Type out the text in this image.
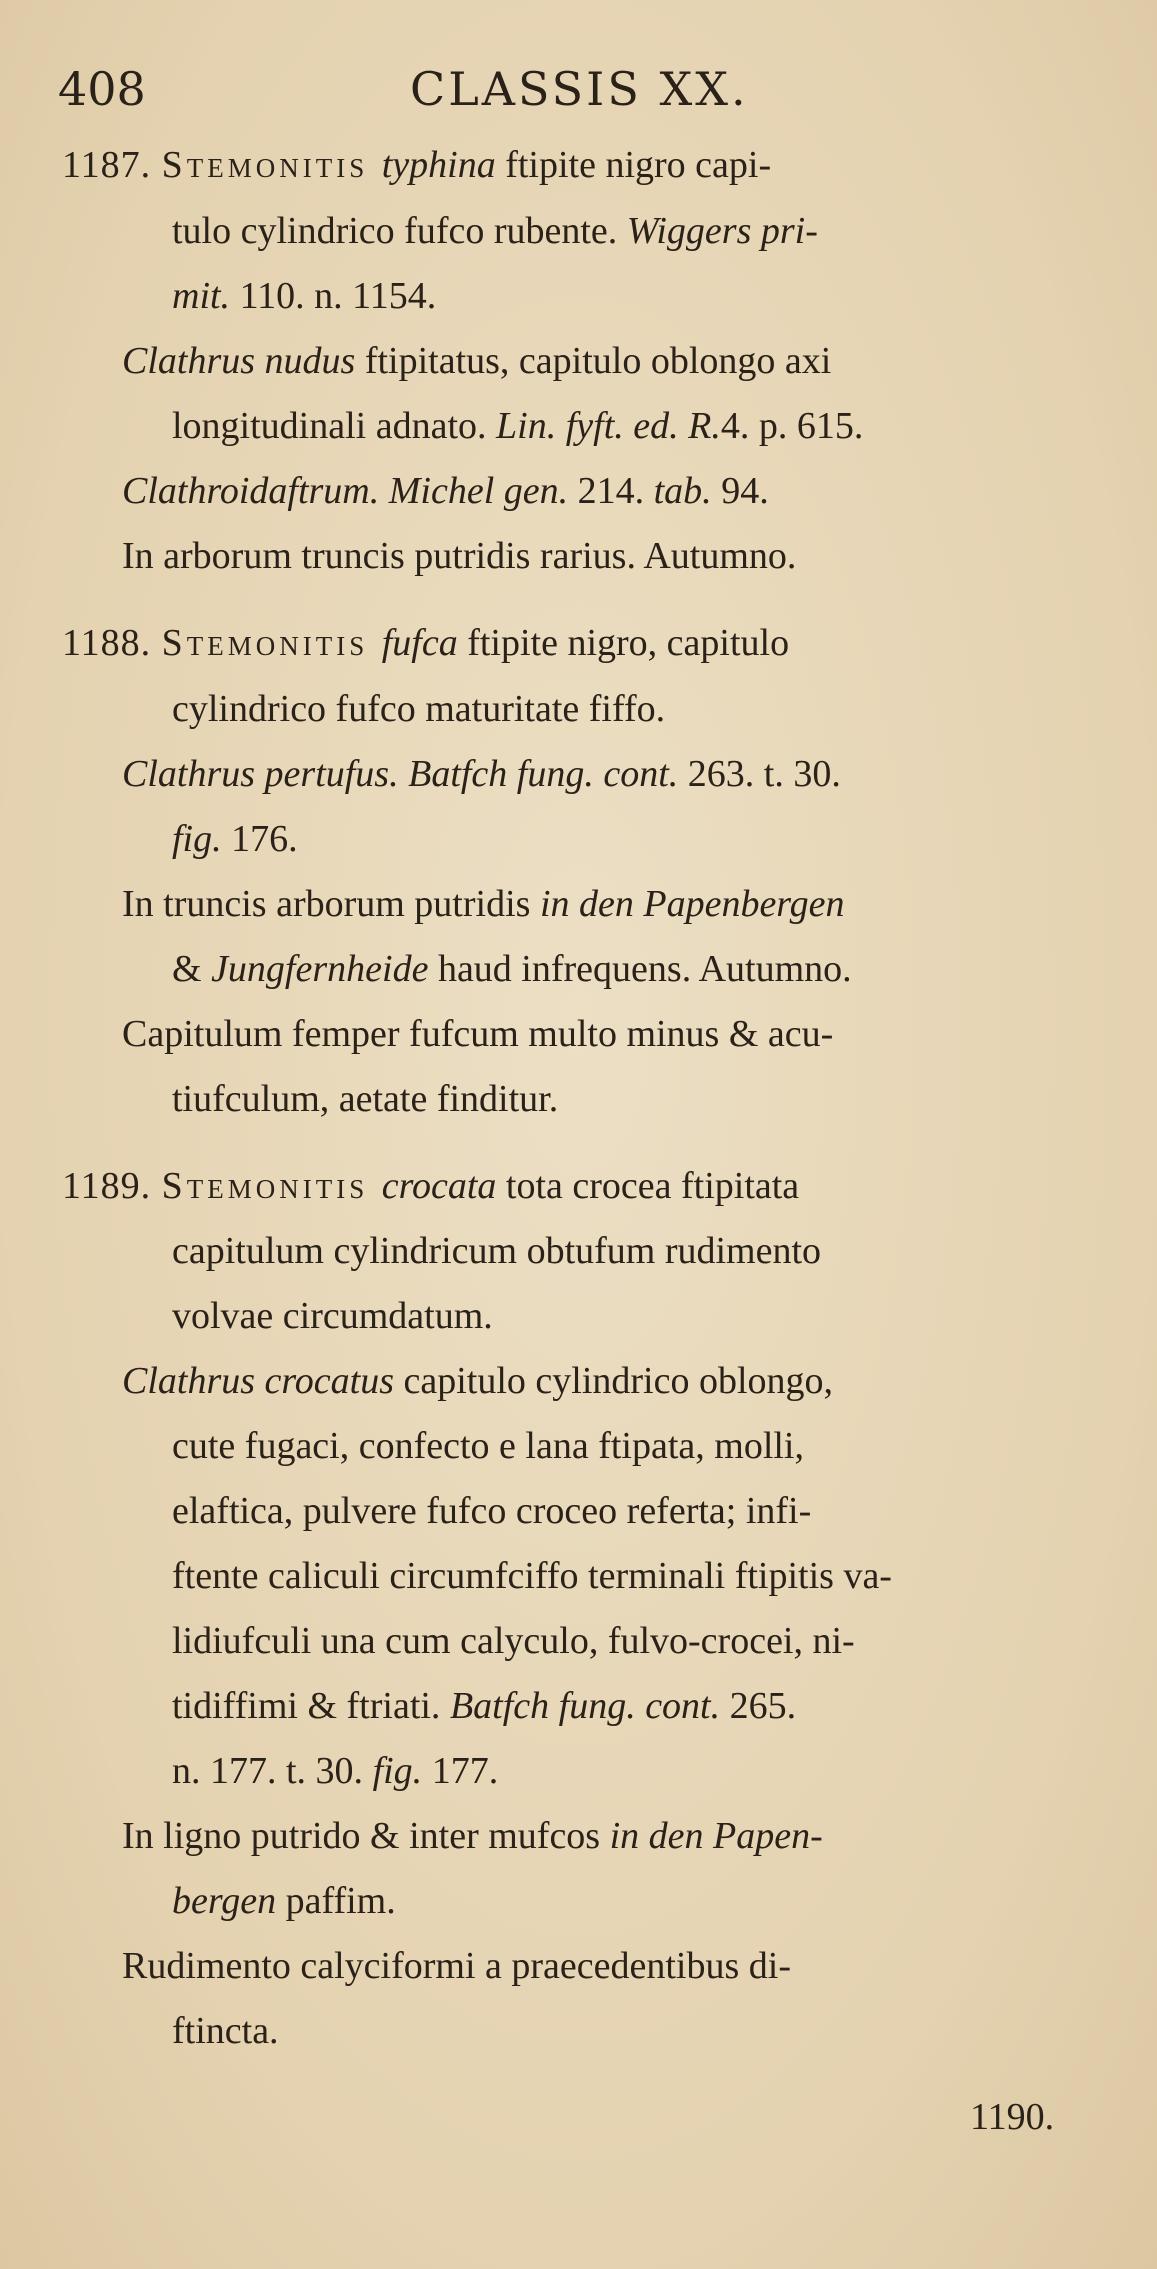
408	CLASSIS XX.
1187. Stemonitis typhina ftipite nigro capi-
tulo cylindrico fufco rubente. Wiggers pri-
mit. 110. n. 1154.
Clathrus nudus ftipitatus, capitulo oblongo axi
longitudinali adnato. Lin. fyft. ed. R.4. p. 615.
Clathroidaftrum. Michel gen. 214. tab. 94.
In arborum truncis putridis rarius. Autumno.
1188. Stemonitis fufca ftipite nigro, capitulo
cylindrico fufco maturitate fiffo.
Clathrus pertufus. Batfch fung. cont. 263. t. 30.
fig. 176.
In truncis arborum putridis in den Papenbergen
& Jungfernheide haud infrequens. Autumno.
Capitulum femper fufcum multo minus & acu-
tiufculum, aetate finditur.
1189. Stemonitis crocata tota crocea ftipitata
capitulum cylindricum obtufum rudimento
volvae circumdatum.
Clathrus crocatus capitulo cylindrico oblongo,
cute fugaci, confecto e lana ftipata, molli,
elaftica, pulvere fufco croceo referta; infi-
ftente caliculi circumfciffo terminali ftipitis va-
lidiufculi una cum calyculo, fulvo-crocei, ni-
tidiffimi & ftriati. Batfch fung. cont. 265.
n. 177. t. 30. fig. 177.
In ligno putrido & inter mufcos in den Papen-
bergen paffim.
Rudimento calyciformi a praecedentibus di-
ftincta.
1190.
